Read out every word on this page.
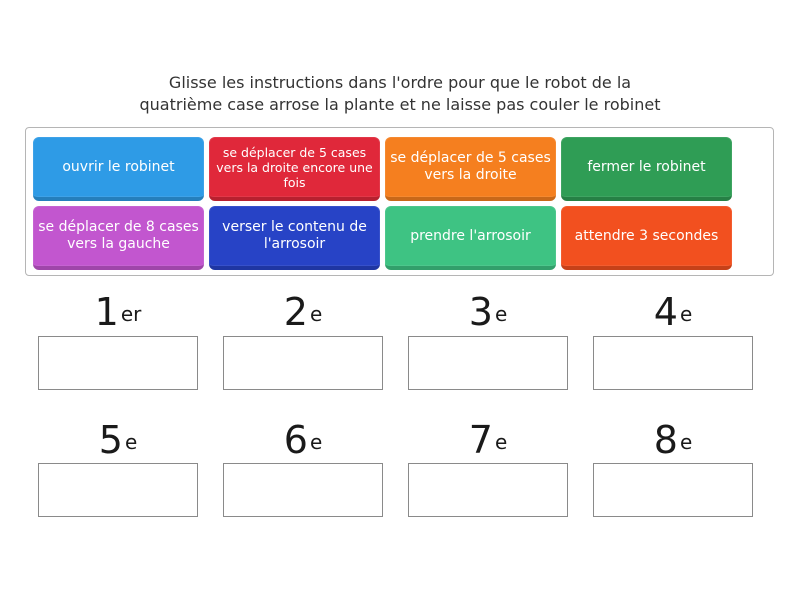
Glisse les instructions dans l'ordre pour que le robot de la
quatrième case arrose la plante et ne laisse pas couler le robinet
ouvrir le robinet
se déplacer de 5 cases vers la droite encore une fois
se déplacer de 5 cases vers la droite
fermer le robinet
se déplacer de 8 cases vers la gauche
verser le contenu de l'arrosoir
prendre l'arrosoir	attendre 3 secondes
1 $^{er}$	2 $^e$	3 $^e$	4 $^e$
5 $^e$	6 $^e$	7 $^e$	8 $^e$
